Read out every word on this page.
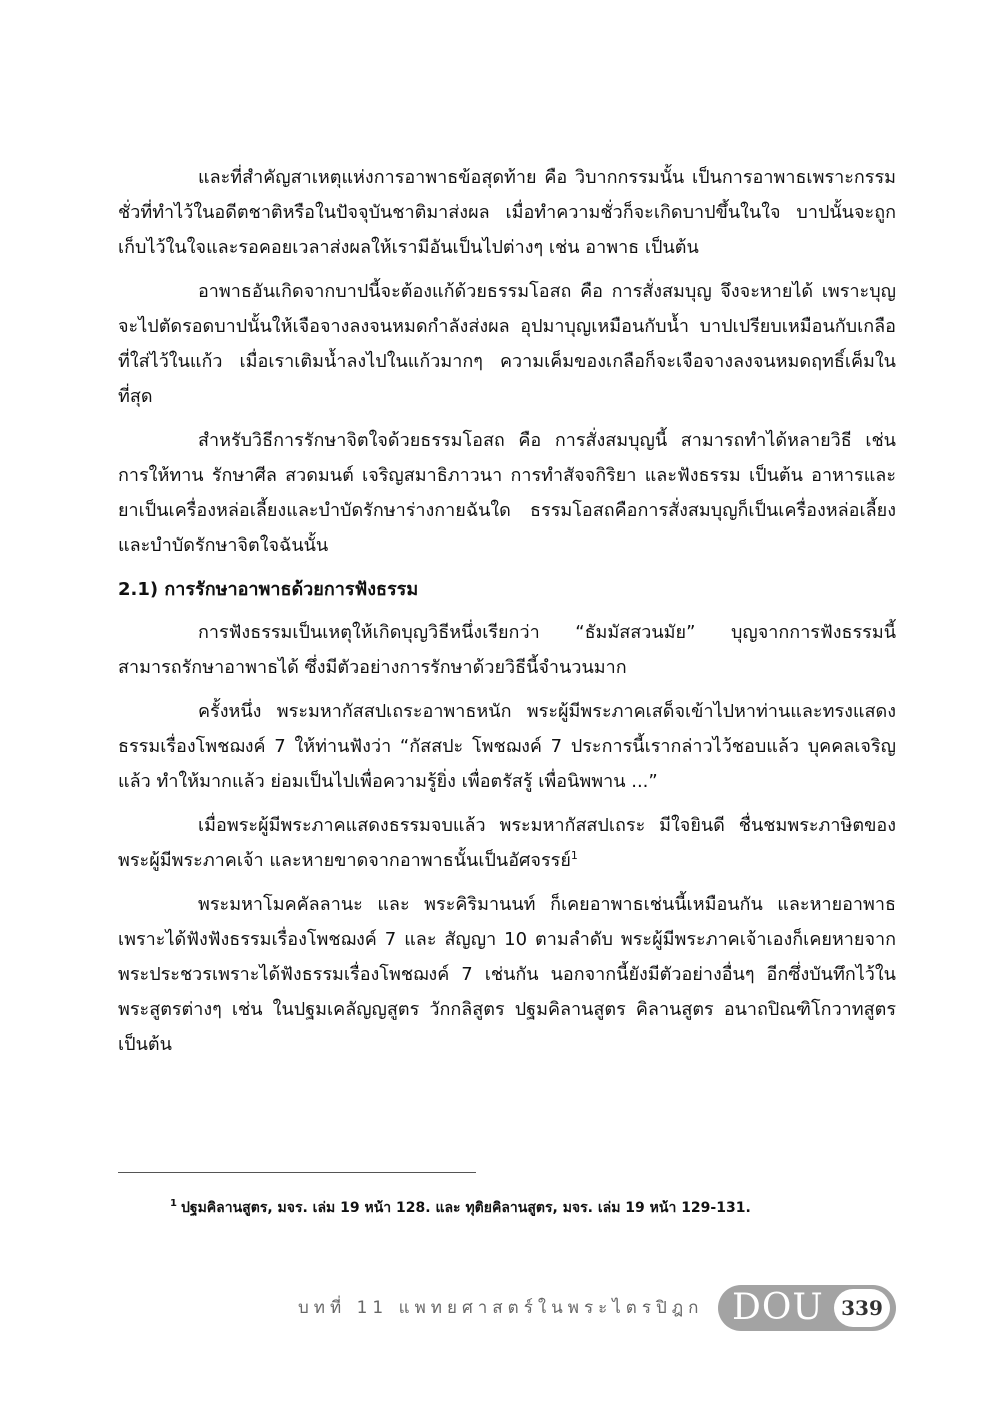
และที่สำคัญสาเหตุแห่งการอาพาธข้อสุดท้าย คือ วิบากกรรมนั้น เป็นการอาพาธเพราะกรรมชั่วที่ทำไว้ในอดีตชาติหรือในปัจจุบันชาติมาส่งผล เมื่อทำความชั่วก็จะเกิดบาปขึ้นในใจ บาปนั้นจะถูกเก็บไว้ในใจและรอคอยเวลาส่งผลให้เรามีอันเป็นไปต่างๆ เช่น อาพาธ เป็นต้น

อาพาธอันเกิดจากบาปนี้จะต้องแก้ด้วยธรรมโอสถ คือ การสั่งสมบุญ จึงจะหายได้ เพราะบุญจะไปตัดรอดบาปนั้นให้เจือจางลงจนหมดกำลังส่งผล อุปมาบุญเหมือนกับน้ำ บาปเปรียบเหมือนกับเกลือที่ใส่ไว้ในแก้ว เมื่อเราเติมน้ำลงไปในแก้วมากๆ ความเค็มของเกลือก็จะเจือจางลงจนหมดฤทธิ์เค็มในที่สุด

สำหรับวิธีการรักษาจิตใจด้วยธรรมโอสถ คือ การสั่งสมบุญนี้ สามารถทำได้หลายวิธี เช่น การให้ทาน รักษาศีล สวดมนต์ เจริญสมาธิภาวนา การทำสัจจกิริยา และฟังธรรม เป็นต้น อาหารและยาเป็นเครื่องหล่อเลี้ยงและบำบัดรักษาร่างกายฉันใด ธรรมโอสถคือการสั่งสมบุญก็เป็นเครื่องหล่อเลี้ยงและบำบัดรักษาจิตใจฉันนั้น

2.1) การรักษาอาพาธด้วยการฟังธรรม

การฟังธรรมเป็นเหตุให้เกิดบุญวิธีหนึ่งเรียกว่า “ธัมมัสสวนมัย” บุญจากการฟังธรรมนี้สามารถรักษาอาพาธได้ ซึ่งมีตัวอย่างการรักษาด้วยวิธีนี้จำนวนมาก

ครั้งหนึ่ง พระมหากัสสปเถระอาพาธหนัก พระผู้มีพระภาคเสด็จเข้าไปหาท่านและทรงแสดงธรรมเรื่องโพชฌงค์ 7 ให้ท่านฟังว่า “กัสสปะ โพชฌงค์ 7 ประการนี้เรากล่าวไว้ชอบแล้ว บุคคลเจริญแล้ว ทำให้มากแล้ว ย่อมเป็นไปเพื่อความรู้ยิ่ง เพื่อตรัสรู้ เพื่อนิพพาน ...”

เมื่อพระผู้มีพระภาคแสดงธรรมจบแล้ว พระมหากัสสปเถระ มีใจยินดี ชื่นชมพระภาษิตของพระผู้มีพระภาคเจ้า และหายขาดจากอาพาธนั้นเป็นอัศจรรย์$^1$

พระมหาโมคคัลลานะ และ พระคิริมานนท์ ก็เคยอาพาธเช่นนี้เหมือนกัน และหายอาพาธเพราะได้ฟังฟังธรรมเรื่องโพชฌงค์ 7 และ สัญญา 10 ตามลำดับ พระผู้มีพระภาคเจ้าเองก็เคยหายจากพระประชวรเพราะได้ฟังธรรมเรื่องโพชฌงค์ 7 เช่นกัน นอกจากนี้ยังมีตัวอย่างอื่นๆ อีกซึ่งบันทึกไว้ในพระสูตรต่างๆ เช่น ในปฐมเคลัญญสูตร วักกลิสูตร ปฐมคิลานสูตร คิลานสูตร อนาถปิณฑิโกวาทสูตร เป็นต้น

$^1$ ปฐมคิลานสูตร, มจร. เล่ม 19 หน้า 128. และ ทุติยคิลานสูตร, มจร. เล่ม 19 หน้า 129-131.
บทที่ 11 แพทยศาสตร์ในพระไตรปิฎก DOU 339
